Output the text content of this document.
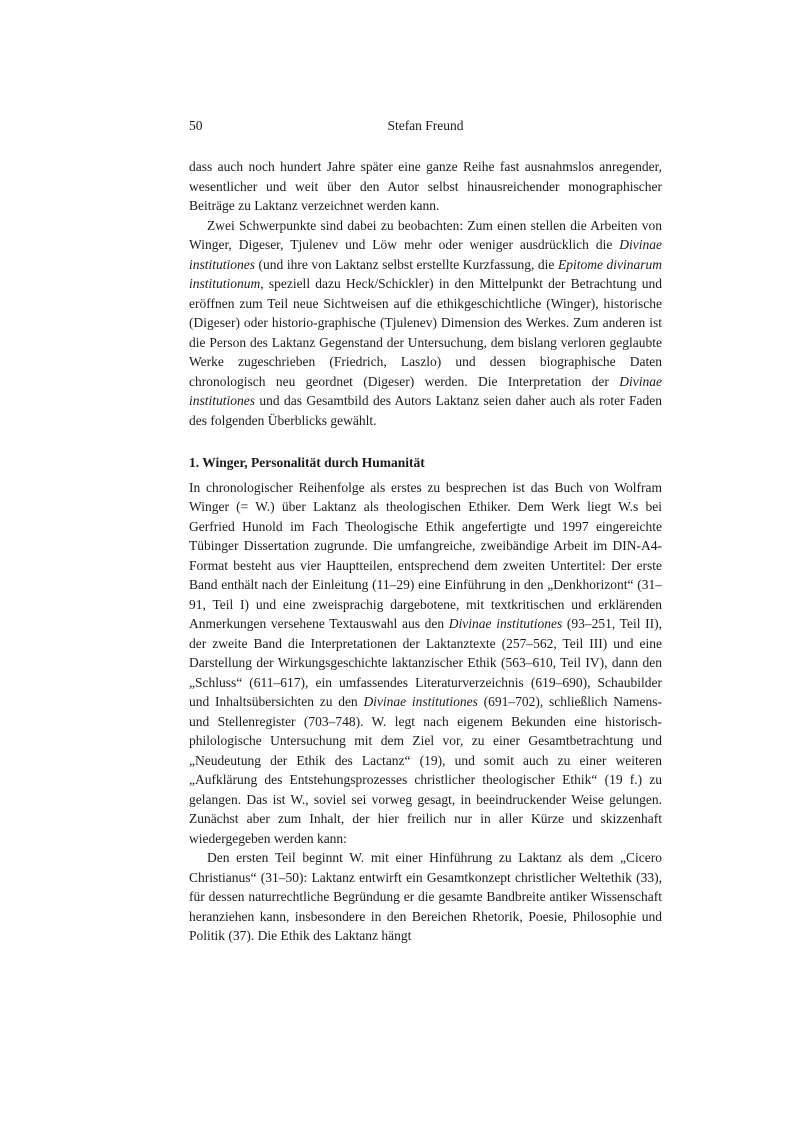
50	Stefan Freund

dass auch noch hundert Jahre später eine ganze Reihe fast ausnahmslos anregender, wesentlicher und weit über den Autor selbst hinausreichender monographischer Beiträge zu Laktanz verzeichnet werden kann.

Zwei Schwerpunkte sind dabei zu beobachten: Zum einen stellen die Arbeiten von Winger, Digeser, Tjulenev und Löw mehr oder weniger ausdrücklich die Divinae institutiones (und ihre von Laktanz selbst erstellte Kurzfassung, die Epitome divinarum institutionum, speziell dazu Heck/Schickler) in den Mittelpunkt der Betrachtung und eröffnen zum Teil neue Sichtweisen auf die ethikgeschichtliche (Winger), historische (Digeser) oder historio-graphische (Tjulenev) Dimension des Werkes. Zum anderen ist die Person des Laktanz Gegenstand der Untersuchung, dem bislang verloren geglaubte Werke zugeschrieben (Friedrich, Laszlo) und dessen biographische Daten chronologisch neu geordnet (Digeser) werden. Die Interpretation der Divinae institutiones und das Gesamtbild des Autors Laktanz seien daher auch als roter Faden des folgenden Überblicks gewählt.

1. Winger, Personalität durch Humanität

In chronologischer Reihenfolge als erstes zu besprechen ist das Buch von Wolfram Winger (= W.) über Laktanz als theologischen Ethiker. Dem Werk liegt W.s bei Gerfried Hunold im Fach Theologische Ethik angefertigte und 1997 eingereichte Tübinger Dissertation zugrunde. Die umfangreiche, zweibändige Arbeit im DIN-A4-Format besteht aus vier Hauptteilen, entsprechend dem zweiten Untertitel: Der erste Band enthält nach der Einleitung (11–29) eine Einführung in den „Denkhorizont“ (31–91, Teil I) und eine zweisprachig dargebotene, mit textkritischen und erklärenden Anmerkungen versehene Textauswahl aus den Divinae institutiones (93–251, Teil II), der zweite Band die Interpretationen der Laktanztexte (257–562, Teil III) und eine Darstellung der Wirkungsgeschichte laktanzischer Ethik (563–610, Teil IV), dann den „Schluss“ (611–617), ein umfassendes Literaturverzeichnis (619–690), Schaubilder und Inhaltsübersichten zu den Divinae institutiones (691–702), schließlich Namens- und Stellenregister (703–748). W. legt nach eigenem Bekunden eine historisch-philologische Untersuchung mit dem Ziel vor, zu einer Gesamtbetrachtung und „Neudeutung der Ethik des Lactanz“ (19), und somit auch zu einer weiteren „Aufklärung des Entstehungsprozesses christlicher theologischer Ethik“ (19 f.) zu gelangen. Das ist W., soviel sei vorweg gesagt, in beeindruckender Weise gelungen. Zunächst aber zum Inhalt, der hier freilich nur in aller Kürze und skizzenhaft wiedergegeben werden kann:

Den ersten Teil beginnt W. mit einer Hinführung zu Laktanz als dem „Cicero Christianus“ (31–50): Laktanz entwirft ein Gesamtkonzept christlicher Weltethik (33), für dessen naturrechtliche Begründung er die gesamte Bandbreite antiker Wissenschaft heranziehen kann, insbesondere in den Bereichen Rhetorik, Poesie, Philosophie und Politik (37). Die Ethik des Laktanz hängt
